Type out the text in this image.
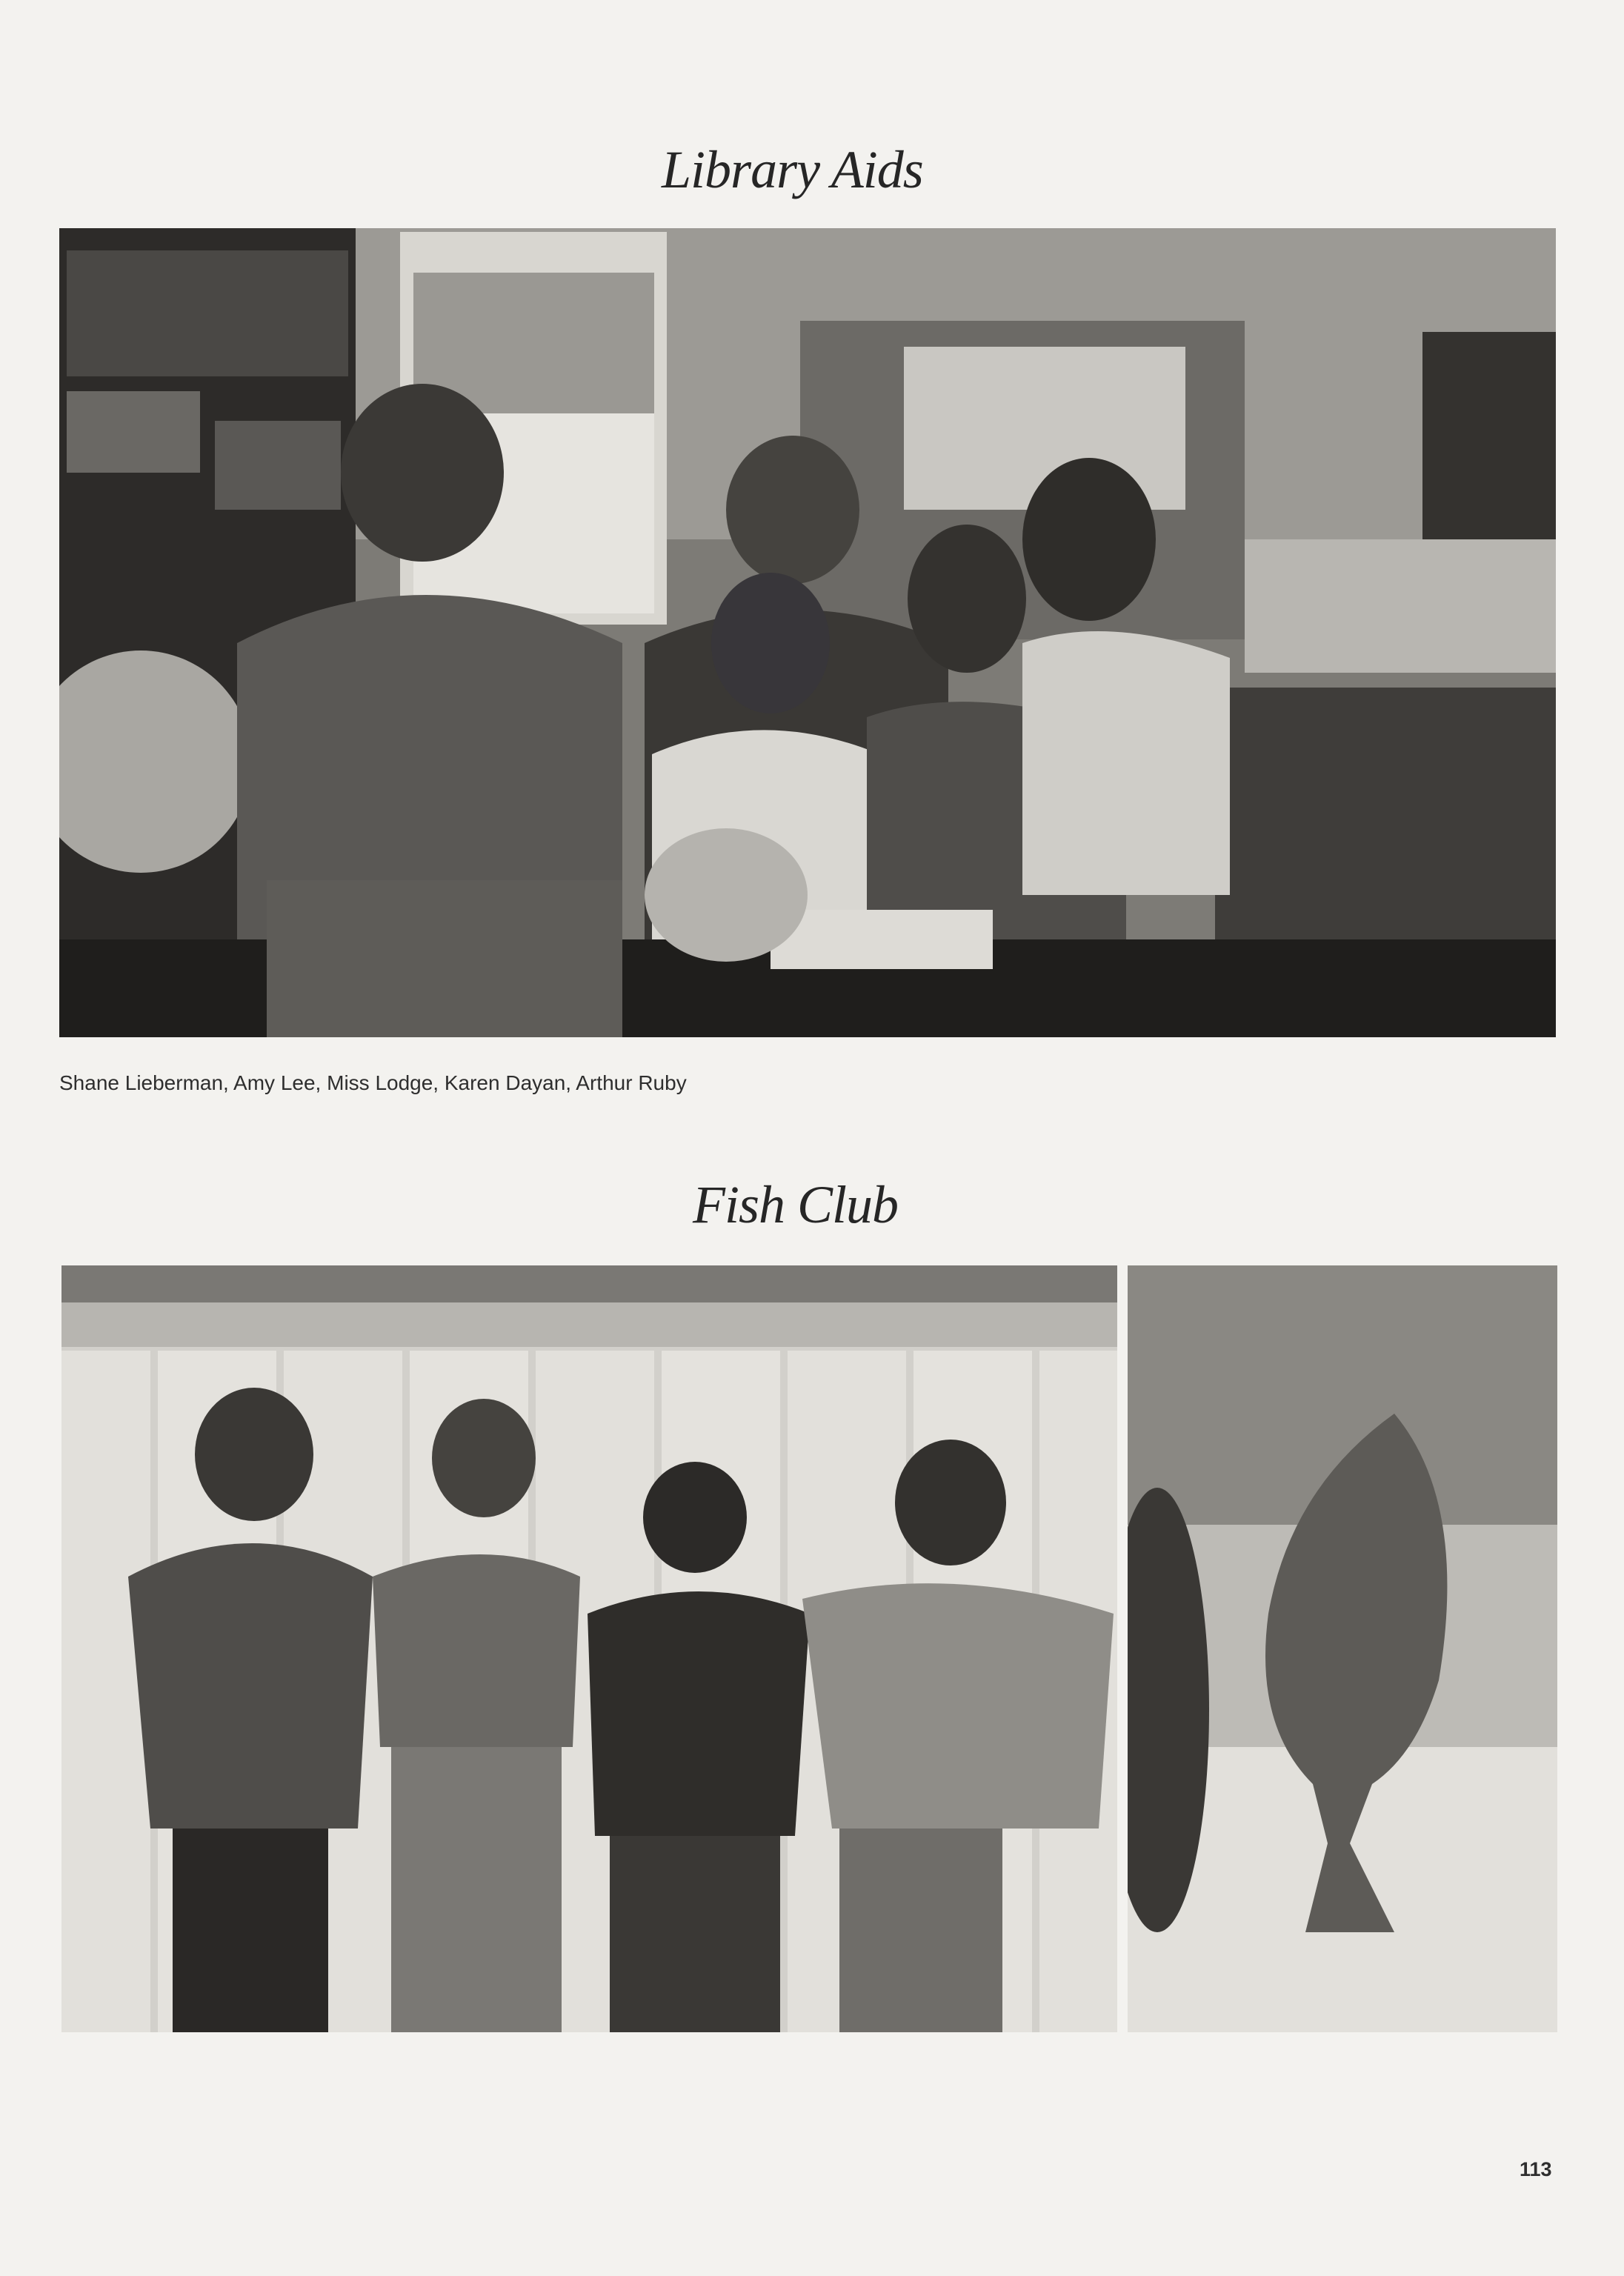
Library Aids

Shane Lieberman, Amy Lee, Miss Lodge, Karen Dayan, Arthur Ruby

Fish Club

113
